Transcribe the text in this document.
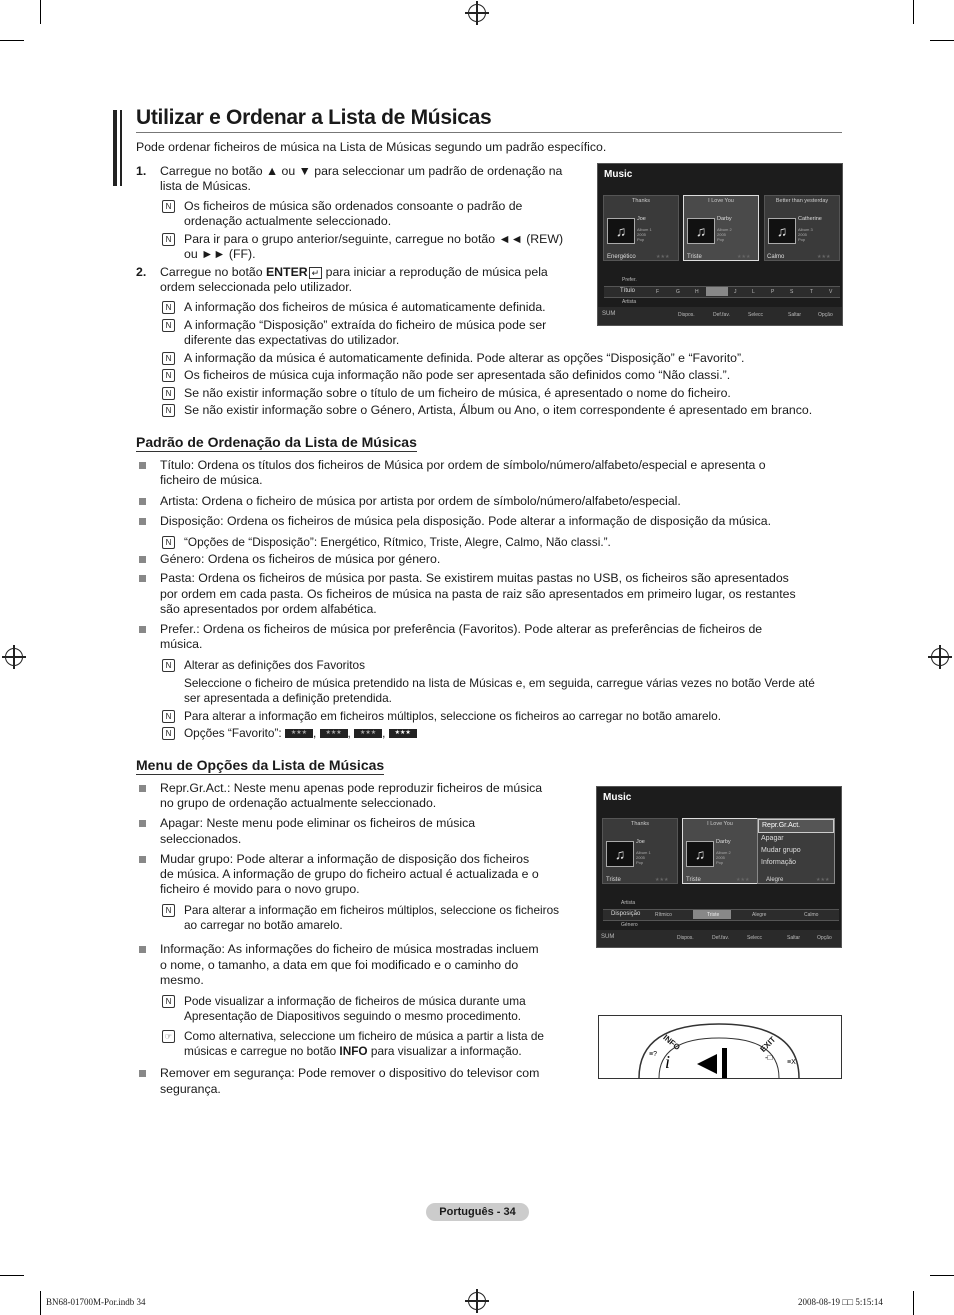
Utilizar e Ordenar a Lista de Músicas
Pode ordenar ficheiros de música na Lista de Músicas segundo um padrão específico.
1. Carregue no botão ▲ ou ▼ para seleccionar um padrão de ordenação na
lista de Músicas.
N Os ficheiros de música são ordenados consoante o padrão de
ordenação actualmente seleccionado.
N Para ir para o grupo anterior/seguinte, carregue no botão ◄◄ (REW)
ou ►► (FF).
2. Carregue no botão ENTER ↵ para iniciar a reprodução de música pela
ordem seleccionada pelo utilizador.
N A informação dos ficheiros de música é automaticamente definida.
N A informação “Disposição” extraída do ficheiro de música pode ser
diferente das expectativas do utilizador.
N A informação da música é automaticamente definida. Pode alterar as opções “Disposição” e “Favorito”.
N Os ficheiros de música cuja informação não pode ser apresentada são definidos como “Não classi.”.
N Se não existir informação sobre o título de um ficheiro de música, é apresentado o nome do ficheiro.
N Se não existir informação sobre o Género, Artista, Álbum ou Ano, o item correspondente é apresentado em branco.
Music
Thanks
♫
Joe
Album 1
2005
Pop
I Love You
♫
Darby
Album 2
2005
Pop
Better than yesterday
♫
Catherine
Album 3
2005
Pop
Energético	★★★	Triste	★★★	Calmo	★★★
Prefer.
Título	F	G	H	J	L	P	S	T	V
Artista
SUM	Dispos.	Def.fav.	Selecc	Saltar	Opção
Padrão de Ordenação da Lista de Músicas
Título: Ordena os títulos dos ficheiros de Música por ordem de símbolo/número/alfabeto/especial e apresenta o
ficheiro de música.
Artista: Ordena o ficheiro de música por artista por ordem de símbolo/número/alfabeto/especial.
Disposição: Ordena os ficheiros de música pela disposição. Pode alterar a informação de disposição da música.
N	“Opções de “Disposição”: Energético, Rítmico, Triste, Alegre, Calmo, Não classi.”.
Género: Ordena os ficheiros de música por género.
Pasta: Ordena os ficheiros de música por pasta. Se existirem muitas pastas no USB, os ficheiros são apresentados
por ordem em cada pasta. Os ficheiros de música na pasta de raiz são apresentados em primeiro lugar, os restantes
são apresentados por ordem alfabética.
Prefer.: Ordena os ficheiros de música por preferência (Favoritos). Pode alterar as preferências de ficheiros de
música.
N	Alterar as definições dos Favoritos
Seleccione o ficheiro de música pretendido na lista de Músicas e, em seguida, carregue várias vezes no botão Verde até
ser apresentada a definição pretendida.
N	Para alterar a informação em ficheiros múltiplos, seleccione os ficheiros ao carregar no botão amarelo.
N	Opções “Favorito”: ★★★ , ★★★ , ★★★ , ★★★
Menu de Opções da Lista de Músicas
Repr.Gr.Act.: Neste menu apenas pode reproduzir ficheiros de música
no grupo de ordenação actualmente seleccionado.
Apagar: Neste menu pode eliminar os ficheiros de música
seleccionados.
Mudar grupo: Pode alterar a informação de disposição dos ficheiros
de música. A informação de grupo do ficheiro actual é actualizada e o
ficheiro é movido para o novo grupo.
N	Para alterar a informação em ficheiros múltiplos, seleccione os ficheiros
ao carregar no botão amarelo.
Informação: As informações do ficheiro de música mostradas incluem
o nome, o tamanho, a data em que foi modificado e o caminho do
mesmo.
N	Pode visualizar a informação de ficheiros de música durante uma
Apresentação de Diapositivos seguindo o mesmo procedimento.
☞ Como alternativa, seleccione um ficheiro de música a partir a lista de
músicas e carregue no botão INFO para visualizar a informação.
Remover em segurança: Pode remover o dispositivo do televisor com
segurança.
Music
Thanks
♫
Joe
Album 1
2005
Pop
I Love You
♫
Darby
Album 2
2005
Pop
Repr.Gr.Act.
Apagar
Mudar grupo
Informação
Triste	★★★	Triste	★★★	Alegre	★★★
Artista
Disposição	Rítmico	Triste	Alegre	Calmo
Género
SUM	Dispos.	Def.fav.	Selecc	Saltar	Opção
≡?
≡X
-□
i
INFO	EXIT
Português - 34
BN68-01700M-Por.indb 34	2008-08-19 □□ 5:15:14
